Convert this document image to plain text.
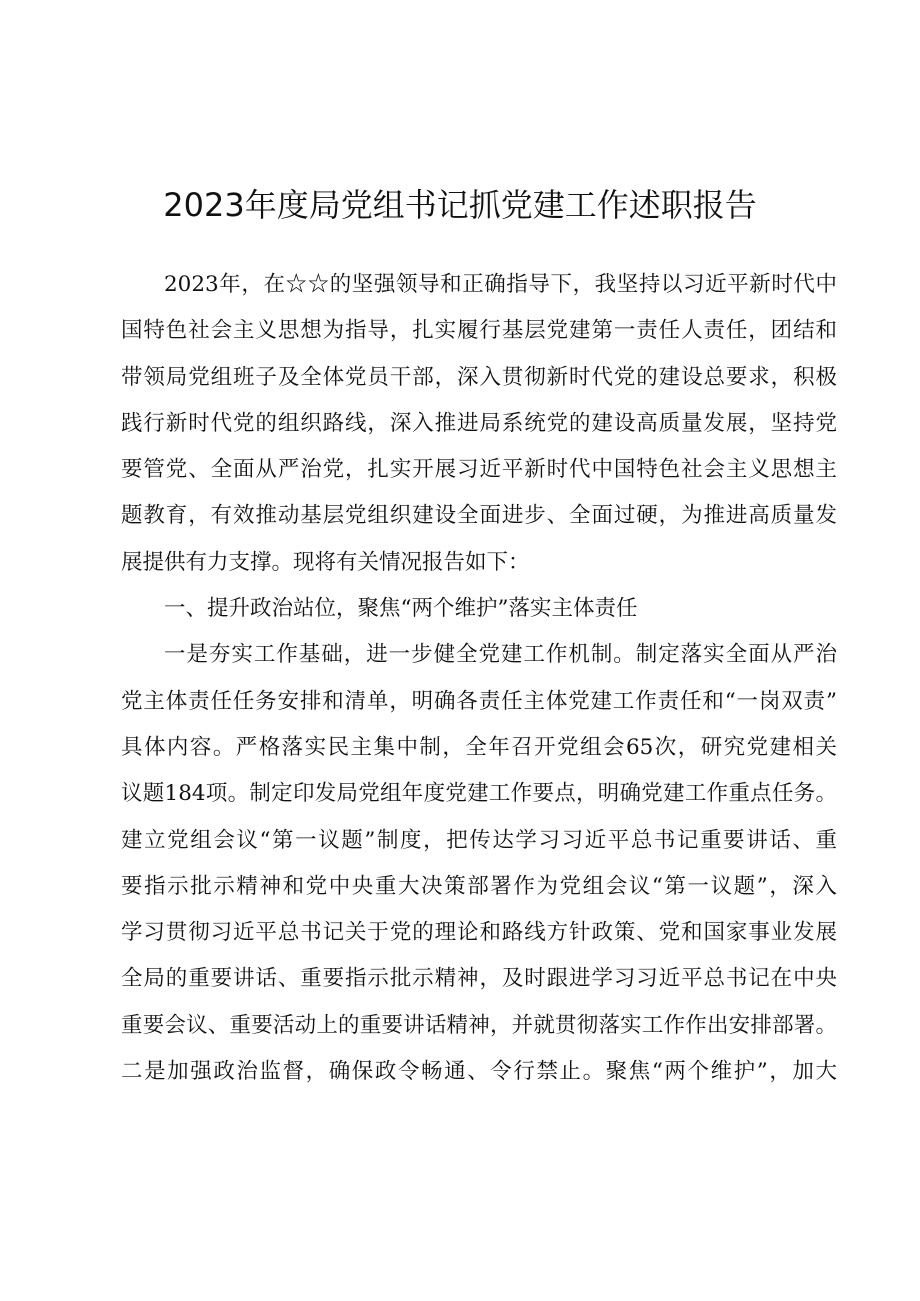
2023年度局党组书记抓党建工作述职报告
2023年，在☆☆的坚强领导和正确指导下，我坚持以习近平新时代中
国特色社会主义思想为指导，扎实履行基层党建第一责任人责任，团结和
带领局党组班子及全体党员干部，深入贯彻新时代党的建设总要求，积极
践行新时代党的组织路线，深入推进局系统党的建设高质量发展，坚持党
要管党、全面从严治党，扎实开展习近平新时代中国特色社会主义思想主
题教育，有效推动基层党组织建设全面进步、全面过硬，为推进高质量发
展提供有力支撑。现将有关情况报告如下：
一、提升政治站位，聚焦“两个维护”落实主体责任
一是夯实工作基础，进一步健全党建工作机制。制定落实全面从严治
党主体责任任务安排和清单，明确各责任主体党建工作责任和“一岗双责”
具体内容。严格落实民主集中制，全年召开党组会65次，研究党建相关
议题184项。制定印发局党组年度党建工作要点，明确党建工作重点任务。
建立党组会议“第一议题”制度，把传达学习习近平总书记重要讲话、重
要指示批示精神和党中央重大决策部署作为党组会议“第一议题”，深入
学习贯彻习近平总书记关于党的理论和路线方针政策、党和国家事业发展
全局的重要讲话、重要指示批示精神，及时跟进学习习近平总书记在中央
重要会议、重要活动上的重要讲话精神，并就贯彻落实工作作出安排部署。
二是加强政治监督，确保政令畅通、令行禁止。聚焦“两个维护”，加大
